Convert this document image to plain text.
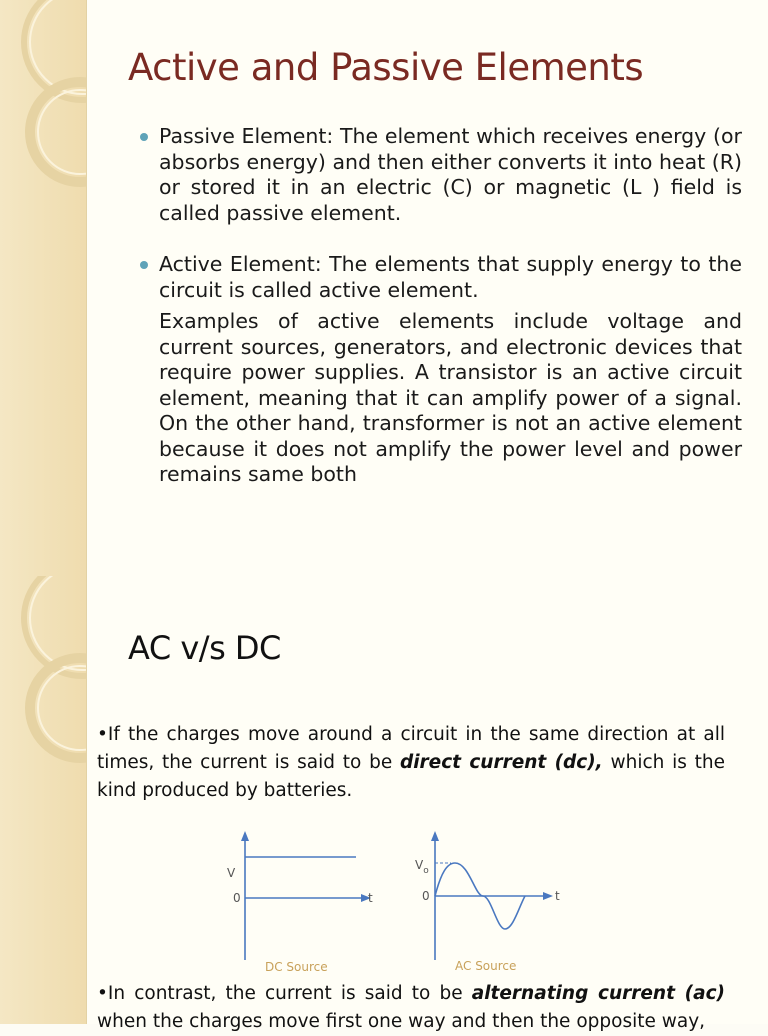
Active and Passive Elements
Passive Element: The element which receives energy (or absorbs energy) and then either converts it into heat (R) or stored it in an electric (C) or magnetic (L ) field is called passive element.
Active Element: The elements that supply energy to the circuit is called active element.
Examples of active elements include voltage and current sources, generators, and electronic devices that require power supplies. A transistor is an active circuit element, meaning that it can amplify power of a signal. On the other hand, transformer is not an active element because it does not amplify the power level and power remains same both
AC v/s DC

•If the charges move around a circuit in the same direction at all times, the current is said to be direct current (dc), which is the kind produced by batteries.

V
0	t
DC Source
$V_o$
0	t
AC Source

•In contrast, the current is said to be alternating current (ac) when the charges move first one way and then the opposite way,
